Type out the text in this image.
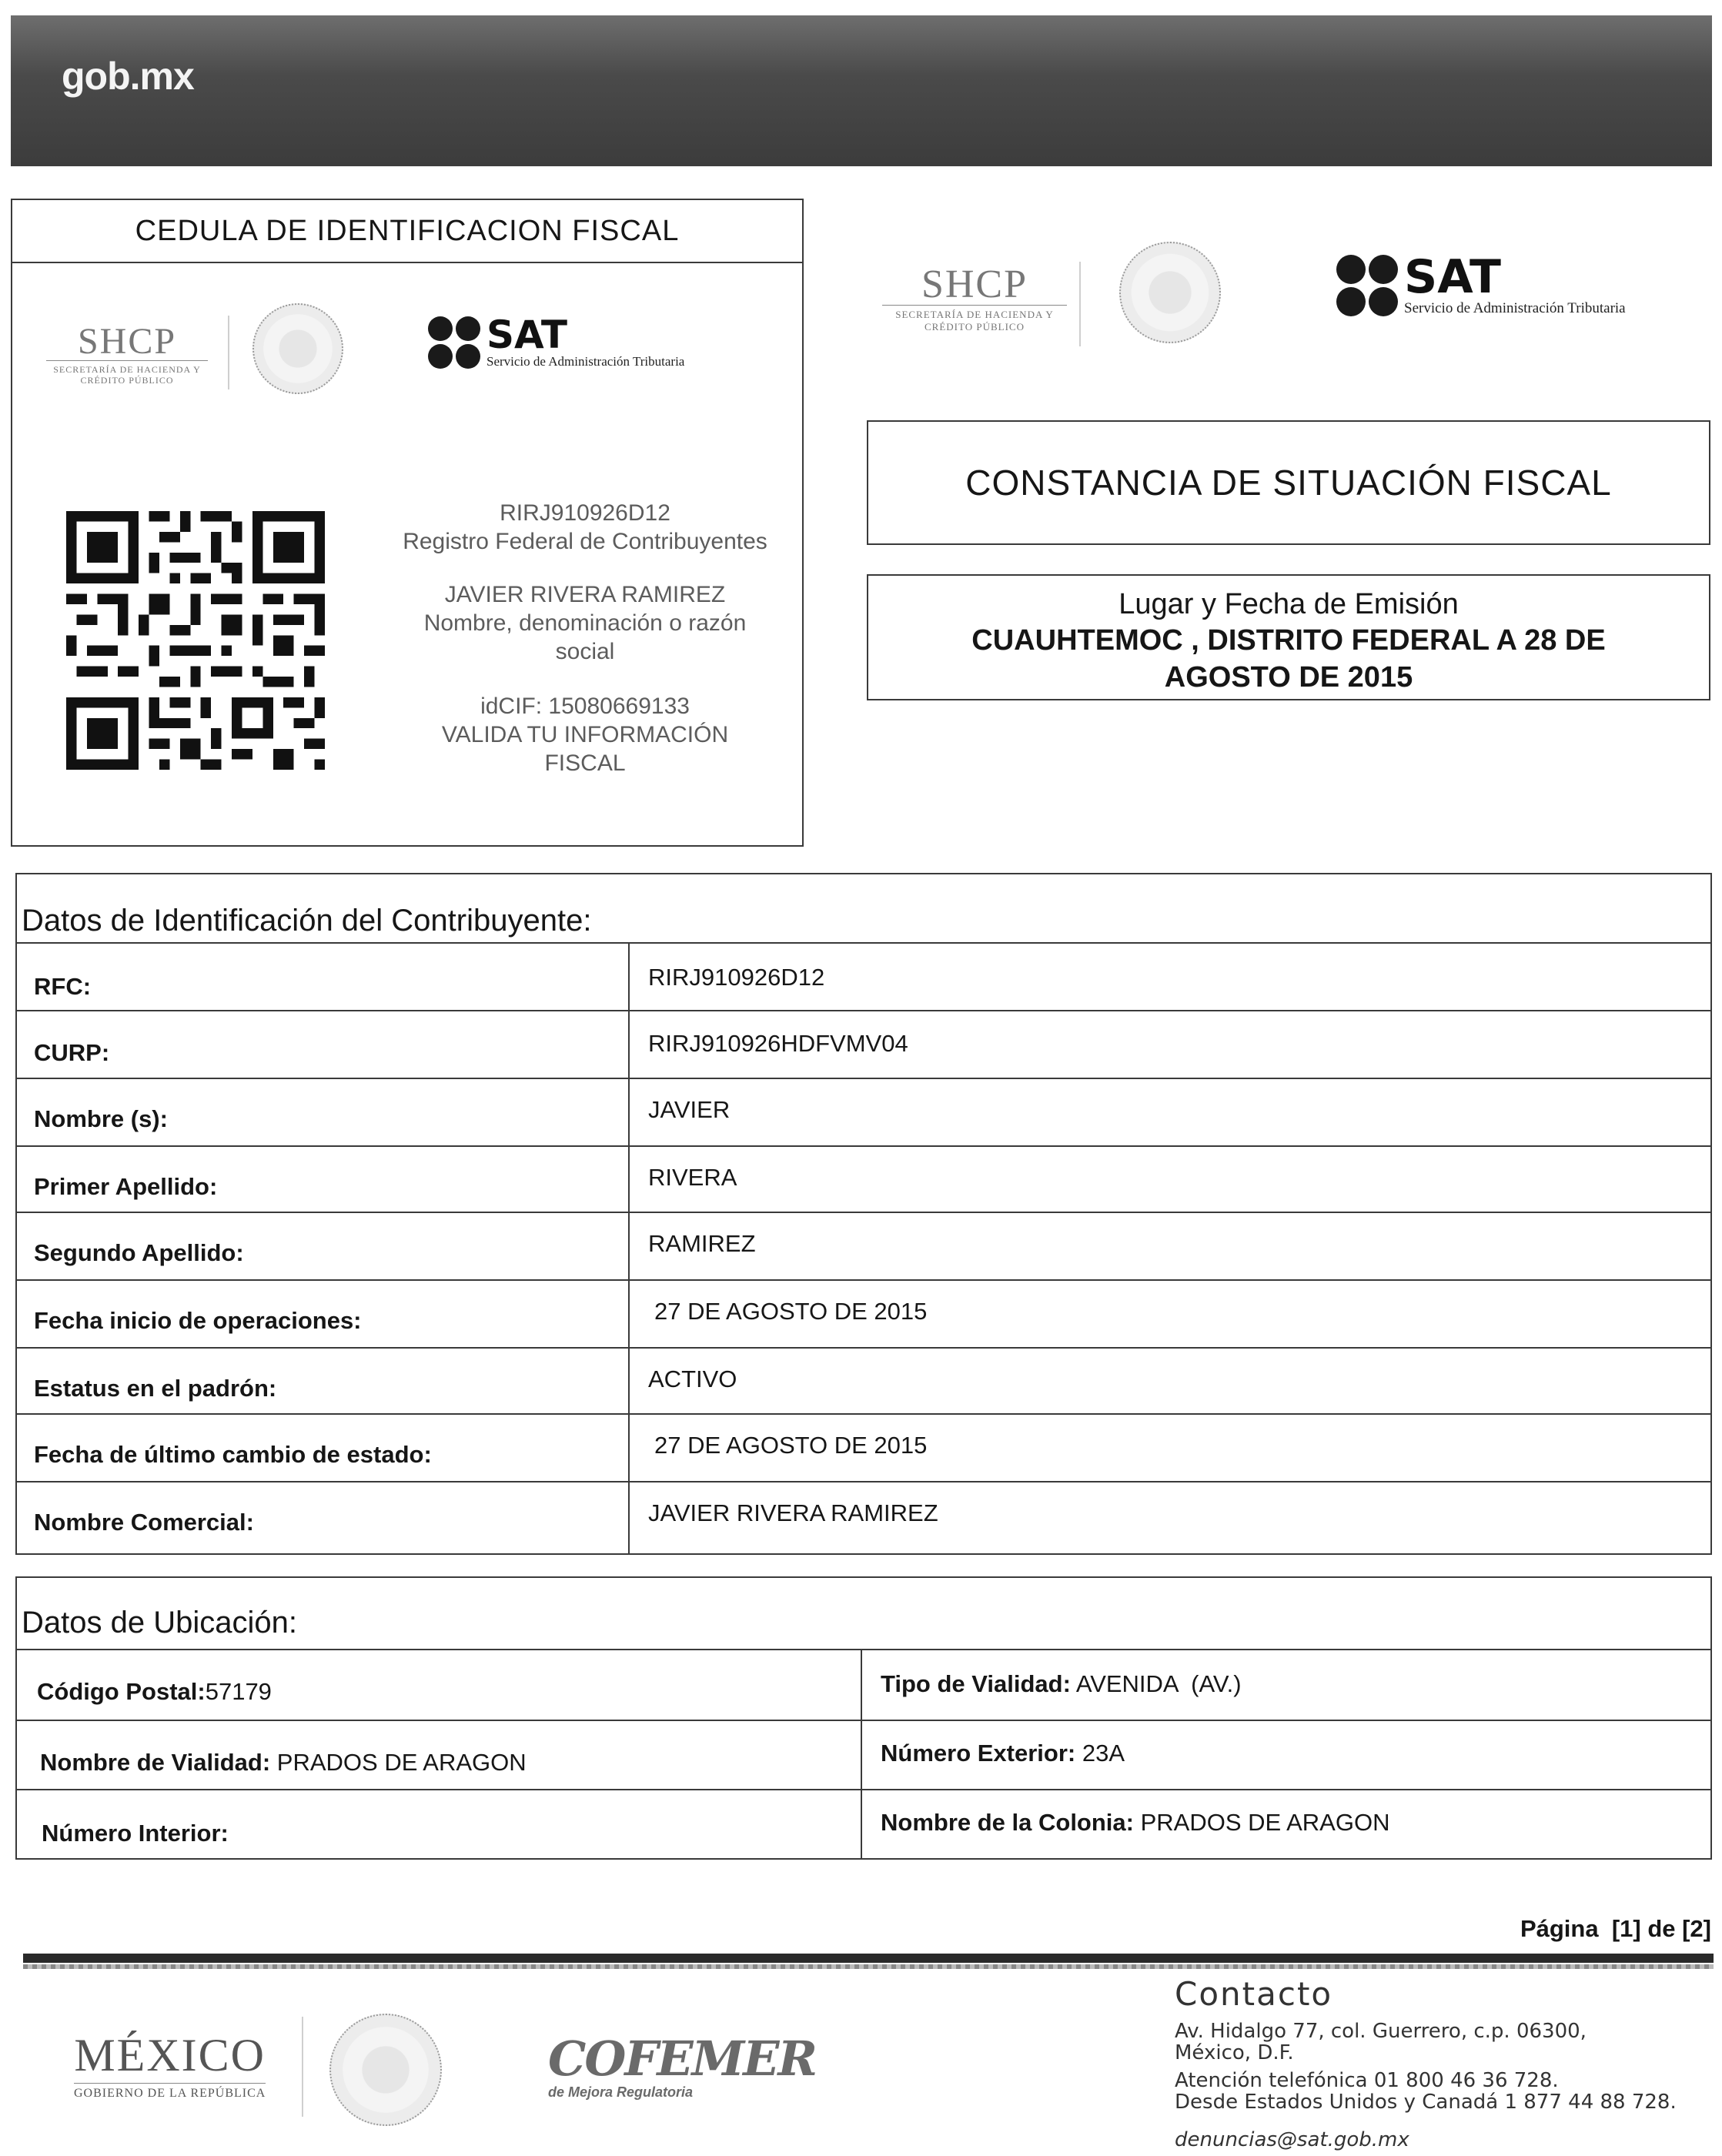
gob.mx
CEDULA DE IDENTIFICACION FISCAL
SHCP
SECRETARÍA DE HACIENDA Y CRÉDITO PÚBLICO
SAT
Servicio de Administración Tributaria

RIRJ910926D12

Registro Federal de Contribuyentes

JAVIER RIVERA RAMIREZ

Nombre, denominación o razón

social

idCIF: 15080669133

VALIDA TU INFORMACIÓN

FISCAL

SHCP
SECRETARÍA DE HACIENDA Y CRÉDITO PÚBLICO
SAT
Servicio de Administración Tributaria
CONSTANCIA DE SITUACIÓN FISCAL
Lugar y Fecha de Emisión
CUAUHTEMOC , DISTRITO FEDERAL A 28 DE
AGOSTO DE 2015
Datos de Identificación del Contribuyente:
RFC:	RIRJ910926D12
CURP:	RIRJ910926HDFVMV04
Nombre (s):	JAVIER
Primer Apellido:	RIVERA
Segundo Apellido:	RAMIREZ
Fecha inicio de operaciones:	27 DE AGOSTO DE 2015
Estatus en el padrón:	ACTIVO
Fecha de último cambio de estado:	27 DE AGOSTO DE 2015
Nombre Comercial:	JAVIER RIVERA RAMIREZ
Datos de Ubicación:
Código Postal:57179	Tipo de Vialidad: AVENIDA  (AV.)
Nombre de Vialidad: PRADOS DE ARAGON	Número Exterior: 23A
Número Interior:	Nombre de la Colonia: PRADOS DE ARAGON
Página  [1] de [2]
MÉXICO
GOBIERNO DE LA REPÚBLICA
COFEMER
de Mejora Regulatoria
Contacto
Av. Hidalgo 77, col. Guerrero, c.p. 06300,
México, D.F.
Atención telefónica 01 800 46 36 728.
Desde Estados Unidos y Canadá 1 877 44 88 728.
denuncias@sat.gob.mx
